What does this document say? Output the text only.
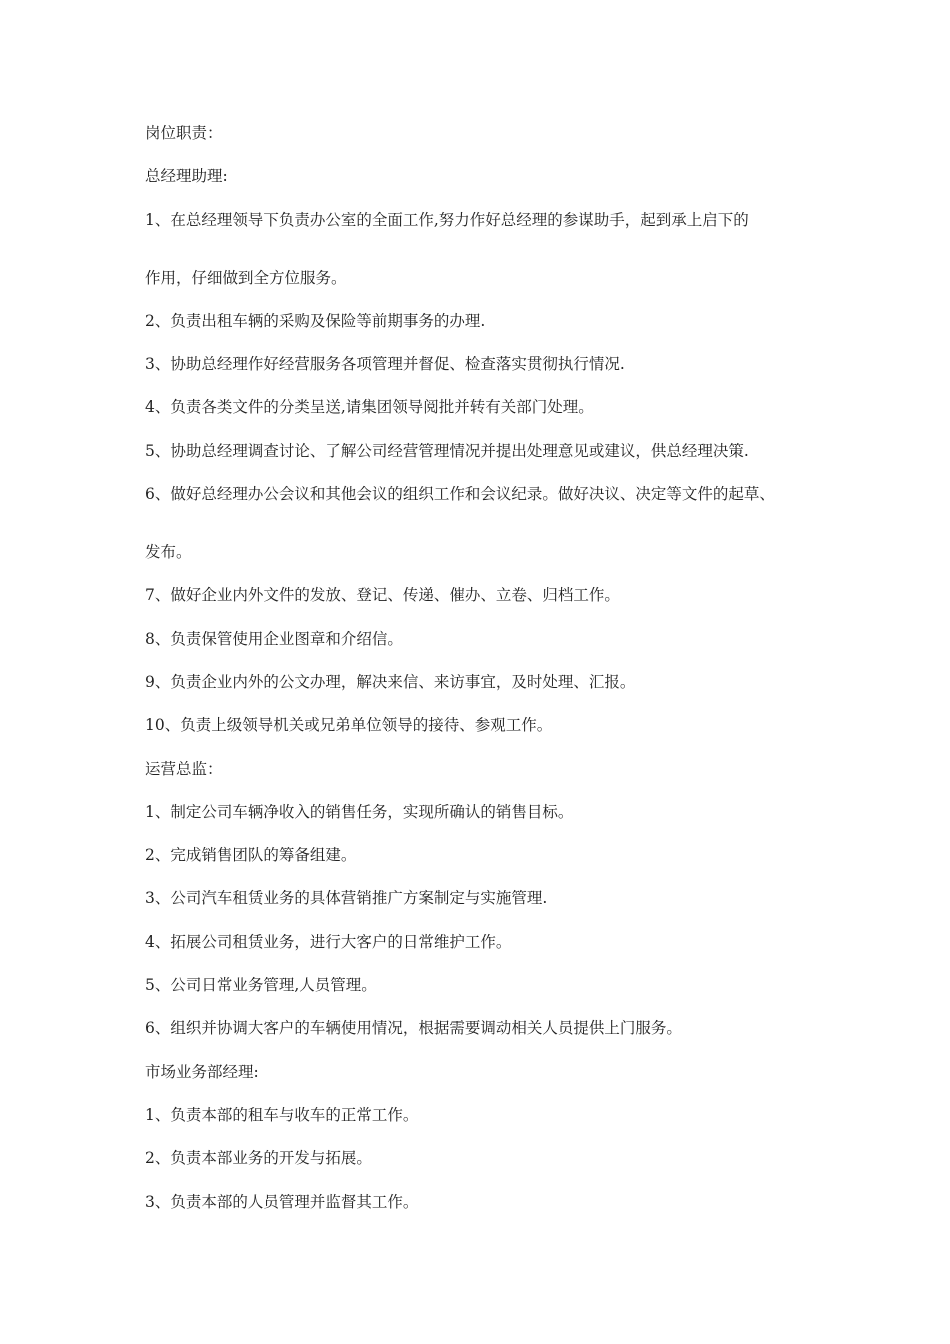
岗位职责：
总经理助理:
1、在总经理领导下负责办公室的全面工作,努力作好总经理的参谋助手，起到承上启下的
作用，仔细做到全方位服务。
2、负责出租车辆的采购及保险等前期事务的办理.
3、协助总经理作好经营服务各项管理并督促、检查落实贯彻执行情况.
4、负责各类文件的分类呈送,请集团领导阅批并转有关部门处理。
5、协助总经理调查讨论、了解公司经营管理情况并提出处理意见或建议，供总经理决策.
6、做好总经理办公会议和其他会议的组织工作和会议纪录。做好决议、决定等文件的起草、
发布。
7、做好企业内外文件的发放、登记、传递、催办、立卷、归档工作。
8、负责保管使用企业图章和介绍信。
9、负责企业内外的公文办理，解决来信、来访事宜，及时处理、汇报。
10、负责上级领导机关或兄弟单位领导的接待、参观工作。
运营总监：
1、制定公司车辆净收入的销售任务，实现所确认的销售目标。
2、完成销售团队的筹备组建。
3、公司汽车租赁业务的具体营销推广方案制定与实施管理.
4、拓展公司租赁业务，进行大客户的日常维护工作。
5、公司日常业务管理,人员管理。
6、组织并协调大客户的车辆使用情况，根据需要调动相关人员提供上门服务。
市场业务部经理:
1、负责本部的租车与收车的正常工作。
2、负责本部业务的开发与拓展。
3、负责本部的人员管理并监督其工作。
